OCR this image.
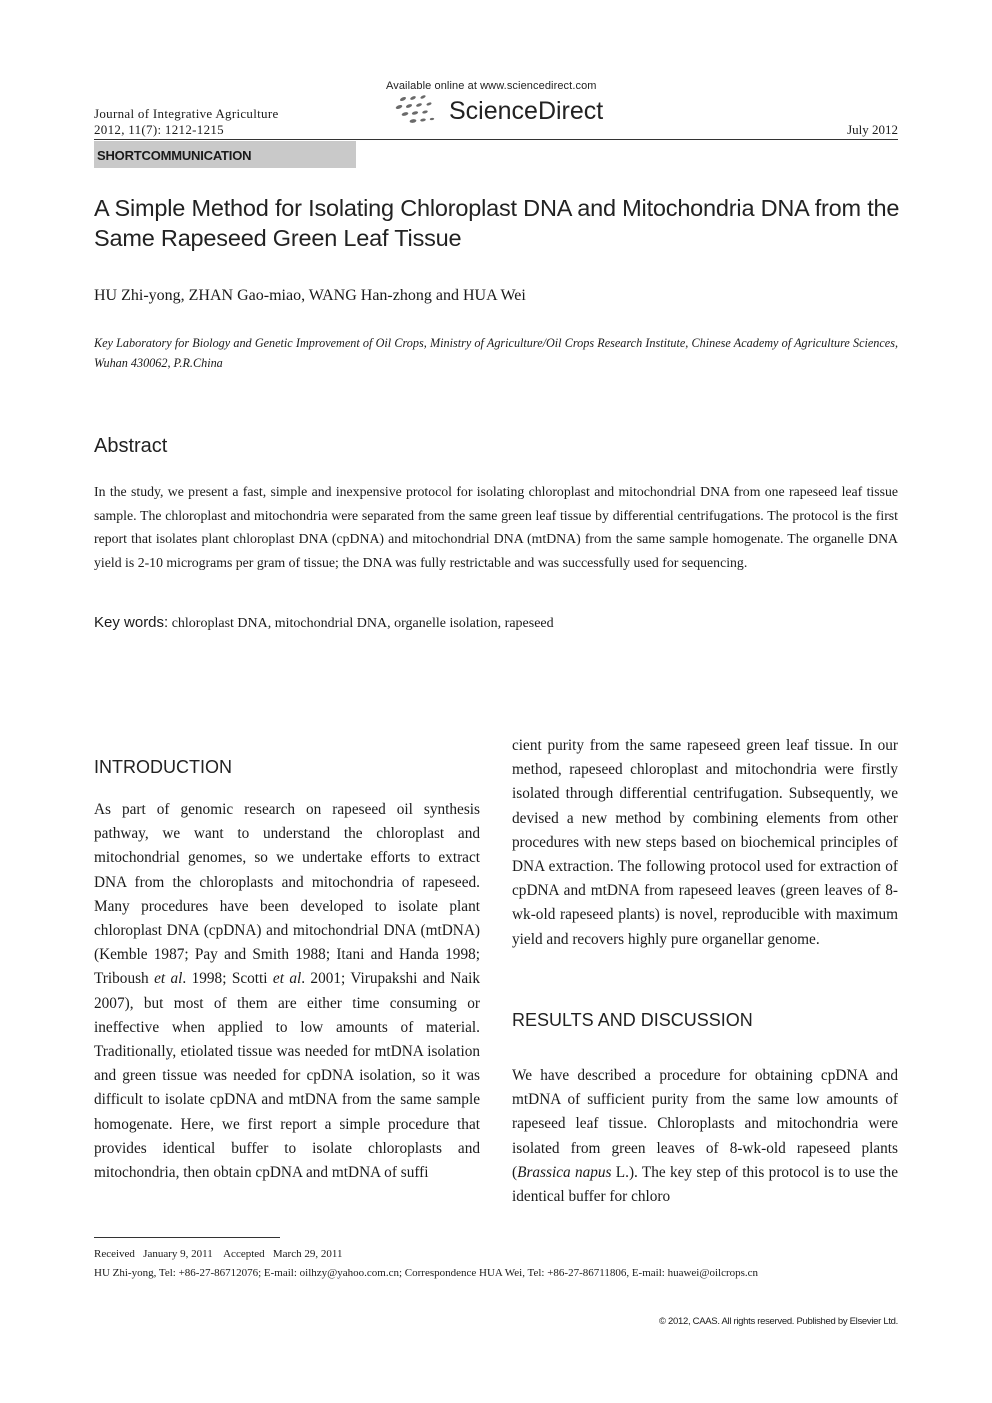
Journal of Integrative Agriculture
2012, 11(7): 1212-1215
Available online at www.sciencedirect.com
ScienceDirect
July 2012
SHORTCOMMUNICATION
A Simple Method for Isolating Chloroplast DNA and Mitochondria DNA from the Same Rapeseed Green Leaf Tissue
HU Zhi-yong, ZHAN Gao-miao, WANG Han-zhong and HUA Wei
Key Laboratory for Biology and Genetic Improvement of Oil Crops, Ministry of Agriculture/Oil Crops Research Institute, Chinese Academy of Agriculture Sciences, Wuhan 430062, P.R.China
Abstract
In the study, we present a fast, simple and inexpensive protocol for isolating chloroplast and mitochondrial DNA from one rapeseed leaf tissue sample. The chloroplast and mitochondria were separated from the same green leaf tissue by differential centrifugations. The protocol is the first report that isolates plant chloroplast DNA (cpDNA) and mitochondrial DNA (mtDNA) from the same sample homogenate. The organelle DNA yield is 2-10 micrograms per gram of tissue; the DNA was fully restrictable and was successfully used for sequencing.
Key words: chloroplast DNA, mitochondrial DNA, organelle isolation, rapeseed
INTRODUCTION

As part of genomic research on rapeseed oil synthesis pathway, we want to understand the chloroplast and mitochondrial genomes, so we undertake efforts to extract DNA from the chloroplasts and mitochondria of rapeseed. Many procedures have been developed to isolate plant chloroplast DNA (cpDNA) and mitochondrial DNA (mtDNA) (Kemble 1987; Pay and Smith 1988; Itani and Handa 1998; Triboush et al. 1998; Scotti et al. 2001; Virupakshi and Naik 2007), but most of them are either time consuming or ineffective when applied to low amounts of material. Traditionally, etiolated tissue was needed for mtDNA isolation and green tissue was needed for cpDNA isolation, so it was difficult to isolate cpDNA and mtDNA from the same sample homogenate. Here, we first report a simple procedure that provides identical buffer to isolate chloroplasts and mitochondria, then obtain cpDNA and mtDNA of suffi

cient purity from the same rapeseed green leaf tissue. In our method, rapeseed chloroplast and mitochondria were firstly isolated through differential centrifugation. Subsequently, we devised a new method by combining elements from other procedures with new steps based on biochemical principles of DNA extraction. The following protocol used for extraction of cpDNA and mtDNA from rapeseed leaves (green leaves of 8-wk-old rapeseed plants) is novel, reproducible with maximum yield and recovers highly pure organellar genome.
RESULTS AND DISCUSSION

We have described a procedure for obtaining cpDNA and mtDNA of sufficient purity from the same low amounts of rapeseed leaf tissue. Chloroplasts and mitochondria were isolated from green leaves of 8-wk-old rapeseed plants (Brassica napus L.). The key step of this protocol is to use the identical buffer for chloro

Received   January 9, 2011    Accepted   March 29, 2011
HU Zhi-yong, Tel: +86-27-86712076; E-mail: oilhzy@yahoo.com.cn; Correspondence HUA Wei, Tel: +86-27-86711806, E-mail: huawei@oilcrops.cn
© 2012, CAAS. All rights reserved. Published by Elsevier Ltd.
